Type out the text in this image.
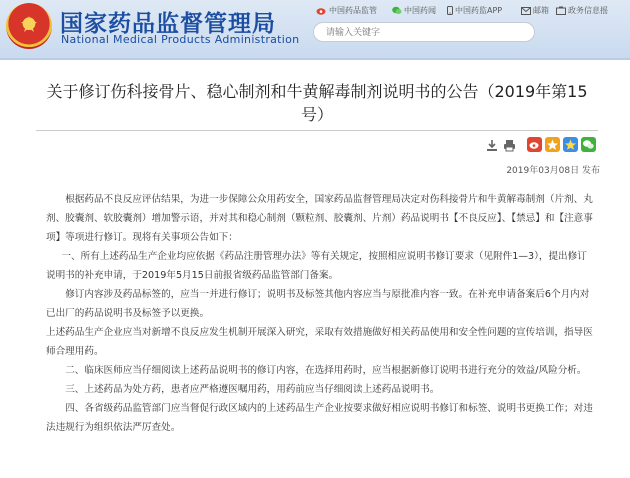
国家药品监督管理局
National Medical Products Administration
中国药品监管	中国药闻 中国药监APP	邮箱 政务信息摇
请输入关键字
关于修订伤科接骨片、稳心制剂和牛黄解毒制剂说明书的公告（2019年第15号）
2019年03月08日 发布

根据药品不良反应评估结果，为进一步保障公众用药安全，国家药品监督管理局决定对伤科接骨片和牛黄解毒制剂（片剂、丸剂、胶囊剂、软胶囊剂）增加警示语，并对其和稳心制剂（颗粒剂、胶囊剂、片剂）药品说明书【不良反应】、【禁忌】和【注意事项】等项进行修订。现将有关事项公告如下：

一、所有上述药品生产企业均应依据《药品注册管理办法》等有关规定，按照相应说明书修订要求（见附件1—3），提出修订说明书的补充申请，于2019年5月15日前报省级药品监管部门备案。

修订内容涉及药品标签的，应当一并进行修订；说明书及标签其他内容应当与原批准内容一致。在补充申请备案后6个月内对已出厂的药品说明书及标签予以更换。

上述药品生产企业应当对新增不良反应发生机制开展深入研究，采取有效措施做好相关药品使用和安全性问题的宣传培训，指导医师合理用药。

二、临床医师应当仔细阅读上述药品说明书的修订内容，在选择用药时，应当根据新修订说明书进行充分的效益/风险分析。

三、上述药品为处方药，患者应严格遵医嘱用药，用药前应当仔细阅读上述药品说明书。

四、各省级药品监管部门应当督促行政区域内的上述药品生产企业按要求做好相应说明书修订和标签、说明书更换工作；对违法违规行为组织依法严厉查处。
